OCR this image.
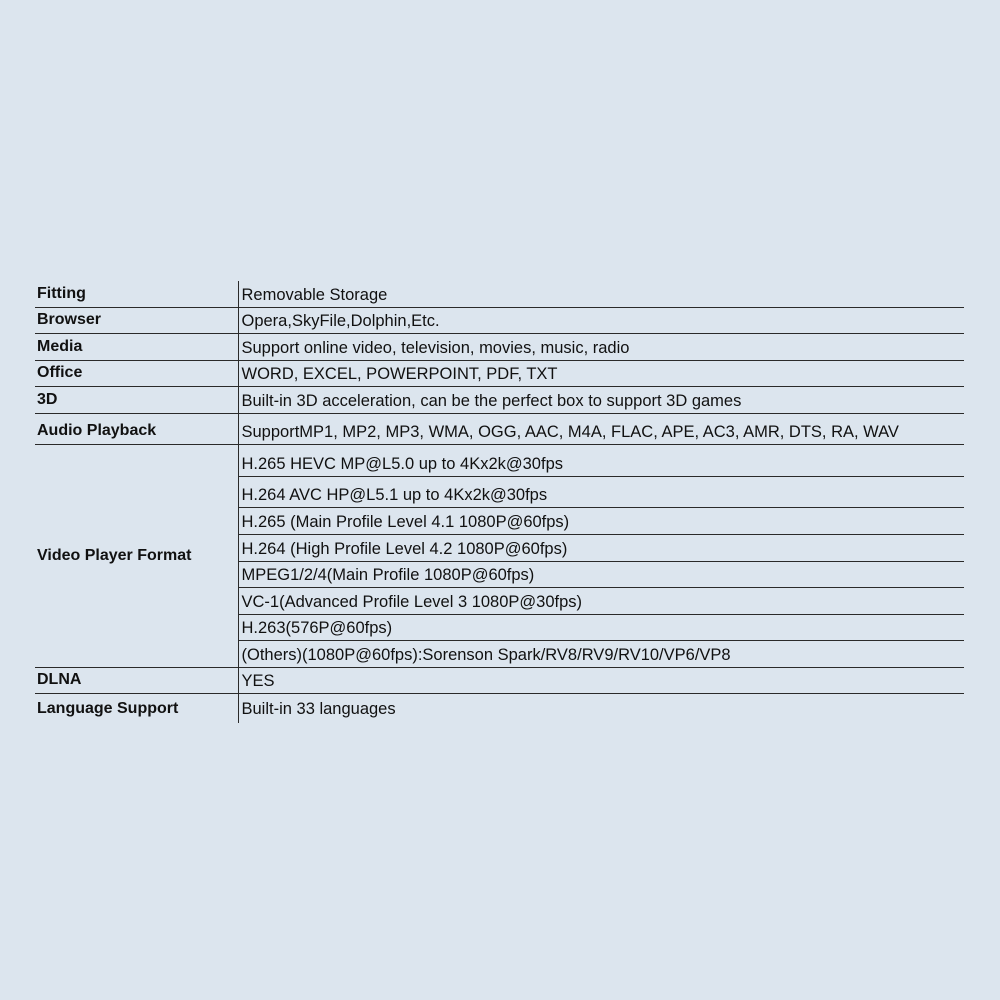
Fitting	Removable Storage
Browser	Opera,SkyFile,Dolphin,Etc.
Media	Support online video, television, movies, music, radio
Office	WORD, EXCEL, POWERPOINT, PDF, TXT
3D	Built-in 3D acceleration, can be the perfect box to support 3D games
Audio Playback	SupportMP1, MP2, MP3, WMA, OGG, AAC, M4A, FLAC, APE, AC3, AMR, DTS, RA, WAV
Video Player Format	H.265 HEVC MP@L5.0 up to 4Kx2k@30fps
	H.264 AVC HP@L5.1 up to 4Kx2k@30fps
	H.265 (Main Profile Level 4.1 1080P@60fps)
	H.264 (High Profile Level 4.2 1080P@60fps)
	MPEG1/2/4(Main Profile 1080P@60fps)
	VC-1(Advanced Profile Level 3 1080P@30fps)
	H.263(576P@60fps)
	(Others)(1080P@60fps):Sorenson Spark/RV8/RV9/RV10/VP6/VP8
DLNA	YES
Language Support	Built-in 33 languages
